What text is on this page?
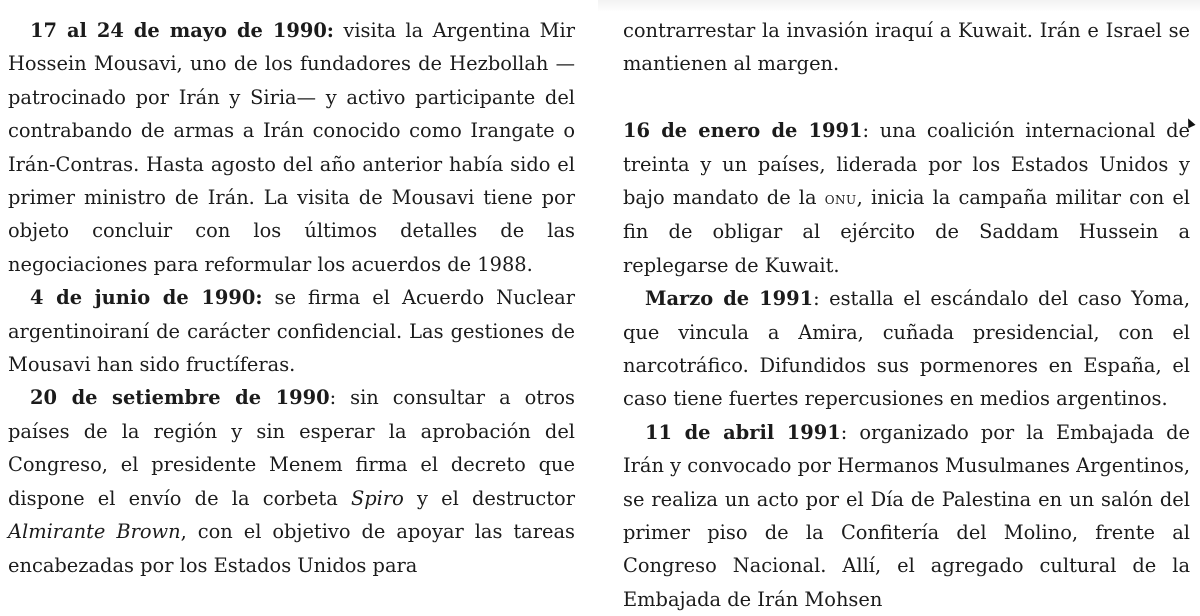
17 al 24 de mayo de 1990: visita la Argentina Mir Hossein Mousavi, uno de los fundadores de Hezbollah —patrocinado por Irán y Siria— y activo participante del contrabando de armas a Irán conocido como Irangate o Irán-Contras. Hasta agosto del año anterior había sido el primer ministro de Irán. La visita de Mousavi tiene por objeto concluir con los últimos detalles de las negociaciones para reformular los acuerdos de 1988.

4 de junio de 1990: se firma el Acuerdo Nuclear argentinoiraní de carácter confidencial. Las gestiones de Mousavi han sido fructíferas.

20 de setiembre de 1990: sin consultar a otros países de la región y sin esperar la aprobación del Congreso, el presidente Menem firma el decreto que dispone el envío de la corbeta Spiro y el destructor Almirante Brown, con el objetivo de apoyar las tareas encabezadas por los Estados Unidos para

contrarrestar la invasión iraquí a Kuwait. Irán e Israel se mantienen al margen.

16 de enero de 1991: una coalición internacional de treinta y un países, liderada por los Estados Unidos y bajo mandato de la onu, inicia la campaña militar con el fin de obligar al ejército de Saddam Hussein a replegarse de Kuwait.

Marzo de 1991: estalla el escándalo del caso Yoma, que vincula a Amira, cuñada presidencial, con el narcotráfico. Difundidos sus pormenores en España, el caso tiene fuertes repercusiones en medios argentinos.

11 de abril 1991: organizado por la Embajada de Irán y convocado por Hermanos Musulmanes Argentinos, se realiza un acto por el Día de Palestina en un salón del primer piso de la Confitería del Molino, frente al Congreso Nacional. Allí, el agregado cultural de la Embajada de Irán Mohsen
